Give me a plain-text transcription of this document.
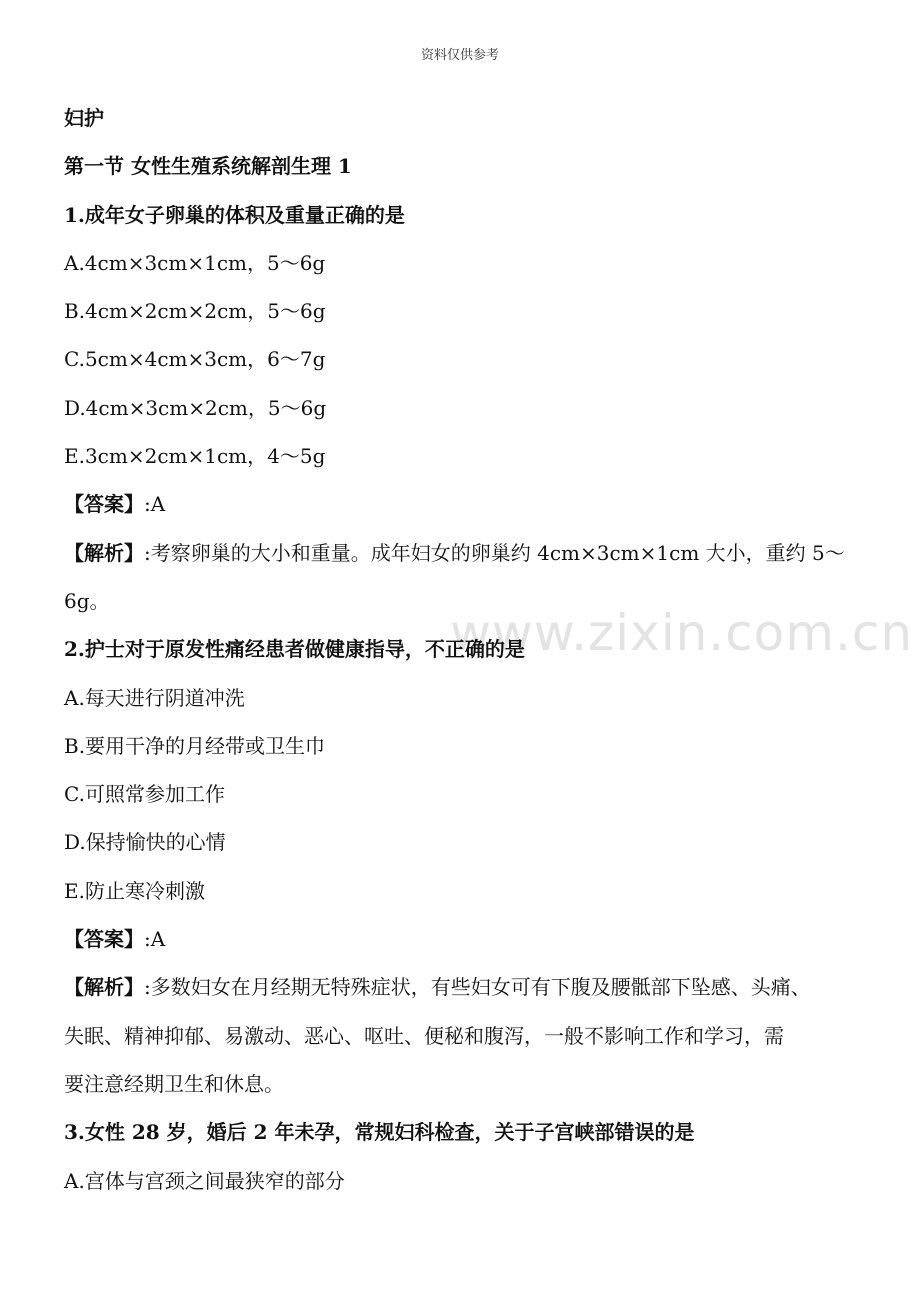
资料仅供参考
www.zixin.com.cn
妇护
第一节 女性生殖系统解剖生理 1
1.成年女子卵巢的体积及重量正确的是
A.4cm×3cm×1cm，5～6g
B.4cm×2cm×2cm，5～6g
C.5cm×4cm×3cm，6～7g
D.4cm×3cm×2cm，5～6g
E.3cm×2cm×1cm，4～5g
【答案】:A
【解析】:考察卵巢的大小和重量。成年妇女的卵巢约 4cm×3cm×1cm 大小，重约 5～
6g。
2.护士对于原发性痛经患者做健康指导，不正确的是
A.每天进行阴道冲洗
B.要用干净的月经带或卫生巾
C.可照常参加工作
D.保持愉快的心情
E.防止寒冷刺激
【答案】:A
【解析】:多数妇女在月经期无特殊症状，有些妇女可有下腹及腰骶部下坠感、头痛、
失眠、精神抑郁、易激动、恶心、呕吐、便秘和腹泻，一般不影响工作和学习，需
要注意经期卫生和休息。
3.女性 28 岁，婚后 2 年未孕，常规妇科检查，关于子宫峡部错误的是
A.宫体与宫颈之间最狭窄的部分
